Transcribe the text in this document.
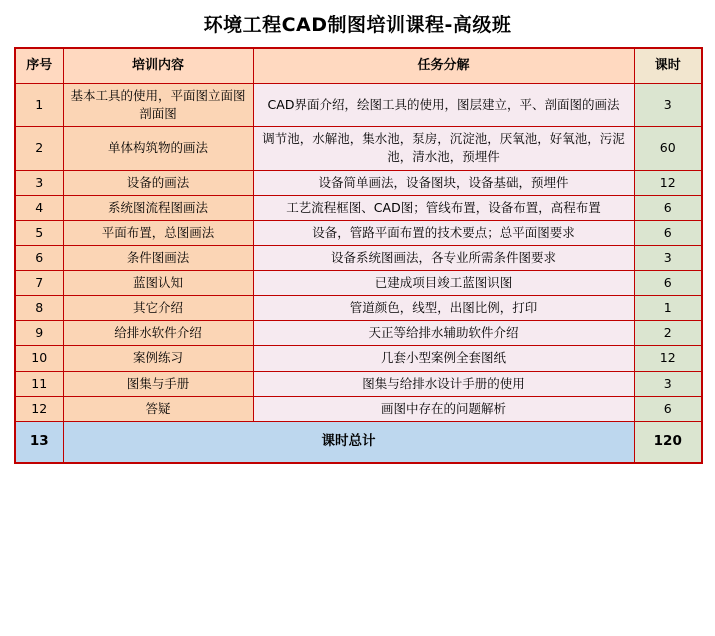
环境工程CAD制图培训课程-高级班
序号	培训内容	任务分解	课时
1	基本工具的使用，平面图立面图剖面图	CAD界面介绍，绘图工具的使用，图层建立，平、剖面图的画法	3
2	单体构筑物的画法	调节池，水解池，集水池，泵房，沉淀池，厌氧池，好氧池，污泥池，清水池，预埋件	60
3	设备的画法	设备简单画法，设备图块，设备基础，预埋件	12
4	系统图流程图画法	工艺流程框图、CAD图；管线布置，设备布置，高程布置	6
5	平面布置，总图画法	设备，管路平面布置的技术要点；总平面图要求	6
6	条件图画法	设备系统图画法，各专业所需条件图要求	3
7	蓝图认知	已建成项目竣工蓝图识图	6
8	其它介绍	管道颜色，线型，出图比例，打印	1
9	给排水软件介绍	天正等给排水辅助软件介绍	2
10	案例练习	几套小型案例全套图纸	12
11	图集与手册	图集与给排水设计手册的使用	3
12	答疑	画图中存在的问题解析	6
13	课时总计		120
